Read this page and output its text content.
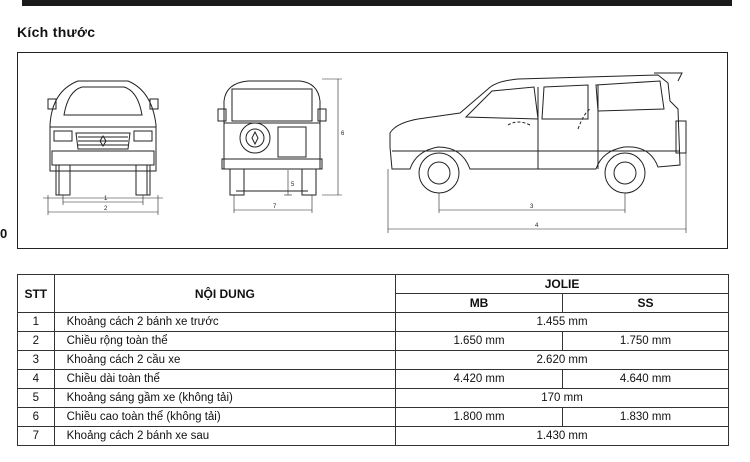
Kích thước
0
1
2
5
6
7	3
4
STT	NỘI DUNG	JOLIE	
		MB	SS
1	Khoảng cách 2 bánh xe trước	1.455 mm	
2	Chiều rộng toàn thể	1.650 mm	1.750 mm
3	Khoảng cách 2 cầu xe	2.620 mm	
4	Chiều dài toàn thể	4.420 mm	4.640 mm
5	Khoảng sáng gầm xe (không tải)	170 mm	
6	Chiều cao toàn thể (không tải)	1.800 mm	1.830 mm
7	Khoảng cách 2 bánh xe sau	1.430 mm	
